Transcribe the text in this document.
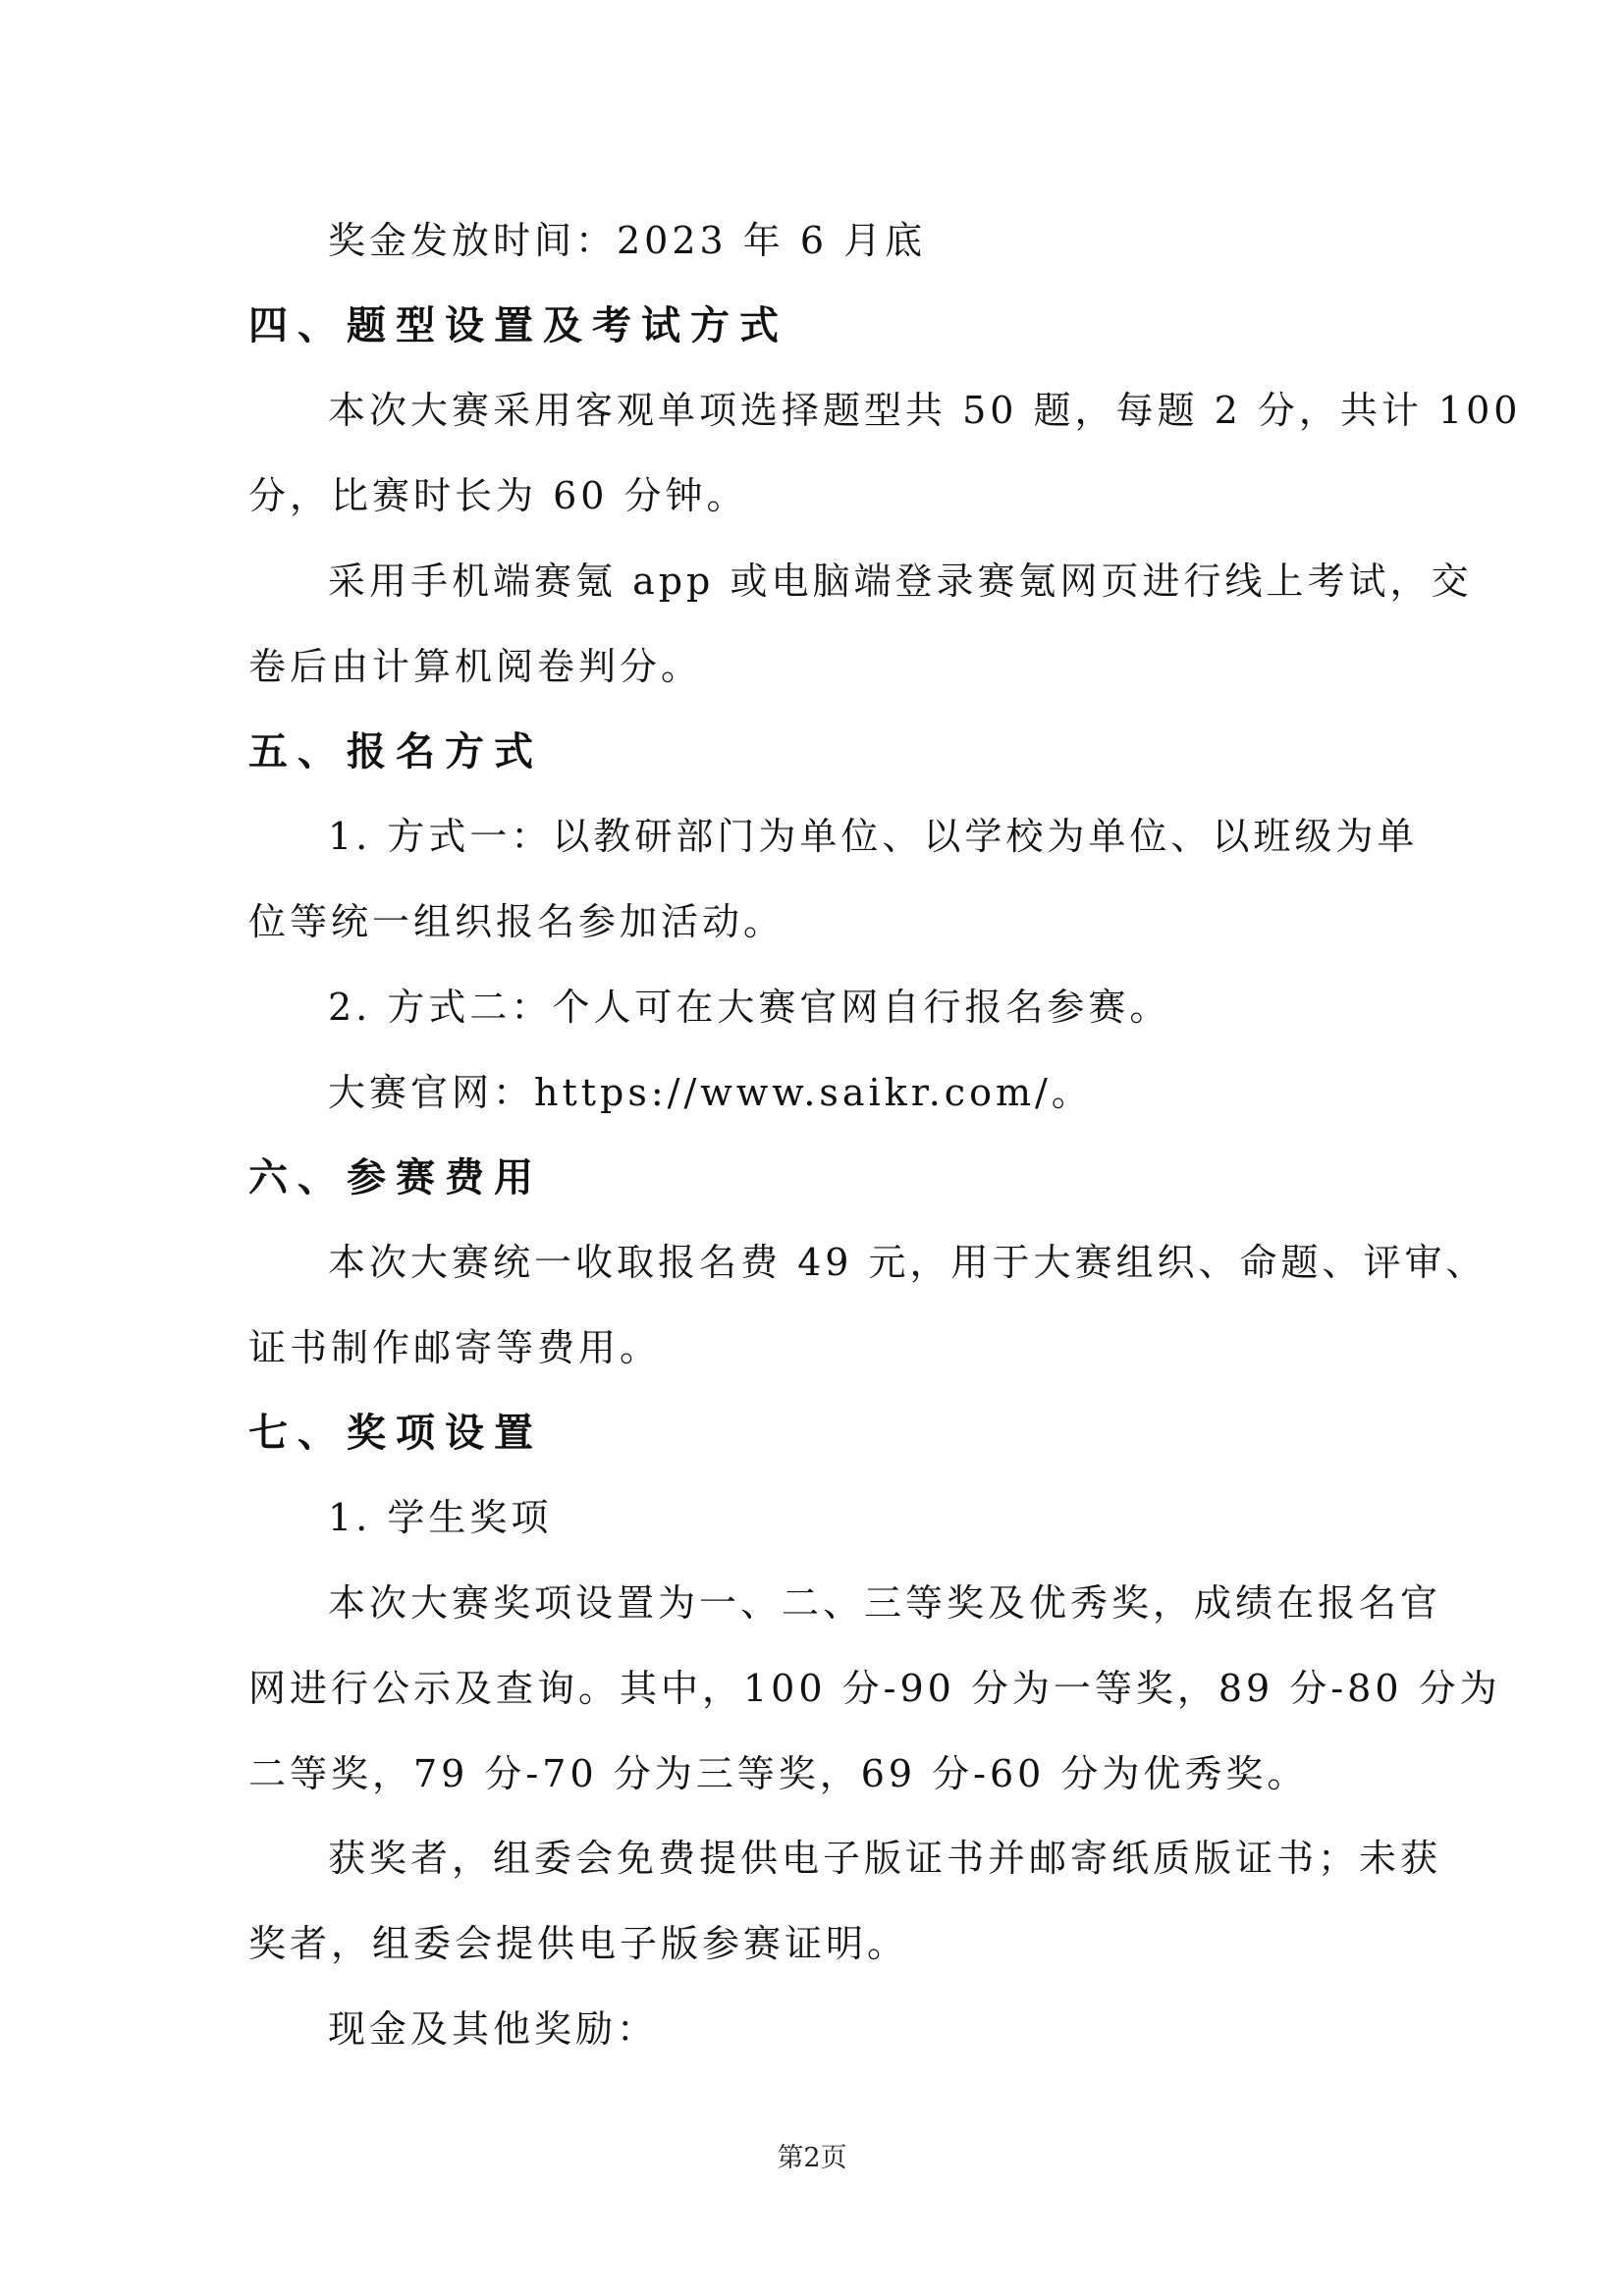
奖金发放时间：2023 年 6 月底
四、题型设置及考试方式
本次大赛采用客观单项选择题型共 50 题，每题 2 分，共计 100
分，比赛时长为 60 分钟。
采用手机端赛氪 app 或电脑端登录赛氪网页进行线上考试，交
卷后由计算机阅卷判分。
五、报名方式
1. 方式一：以教研部门为单位、以学校为单位、以班级为单
位等统一组织报名参加活动。
2. 方式二：个人可在大赛官网自行报名参赛。
大赛官网：https://www.saikr.com/。
六、参赛费用
本次大赛统一收取报名费 49 元，用于大赛组织、命题、评审、
证书制作邮寄等费用。
七、奖项设置
1. 学生奖项
本次大赛奖项设置为一、二、三等奖及优秀奖，成绩在报名官
网进行公示及查询。其中，100 分-90 分为一等奖，89 分-80 分为
二等奖，79 分-70 分为三等奖，69 分-60 分为优秀奖。
获奖者，组委会免费提供电子版证书并邮寄纸质版证书；未获
奖者，组委会提供电子版参赛证明。
现金及其他奖励：
第2页
